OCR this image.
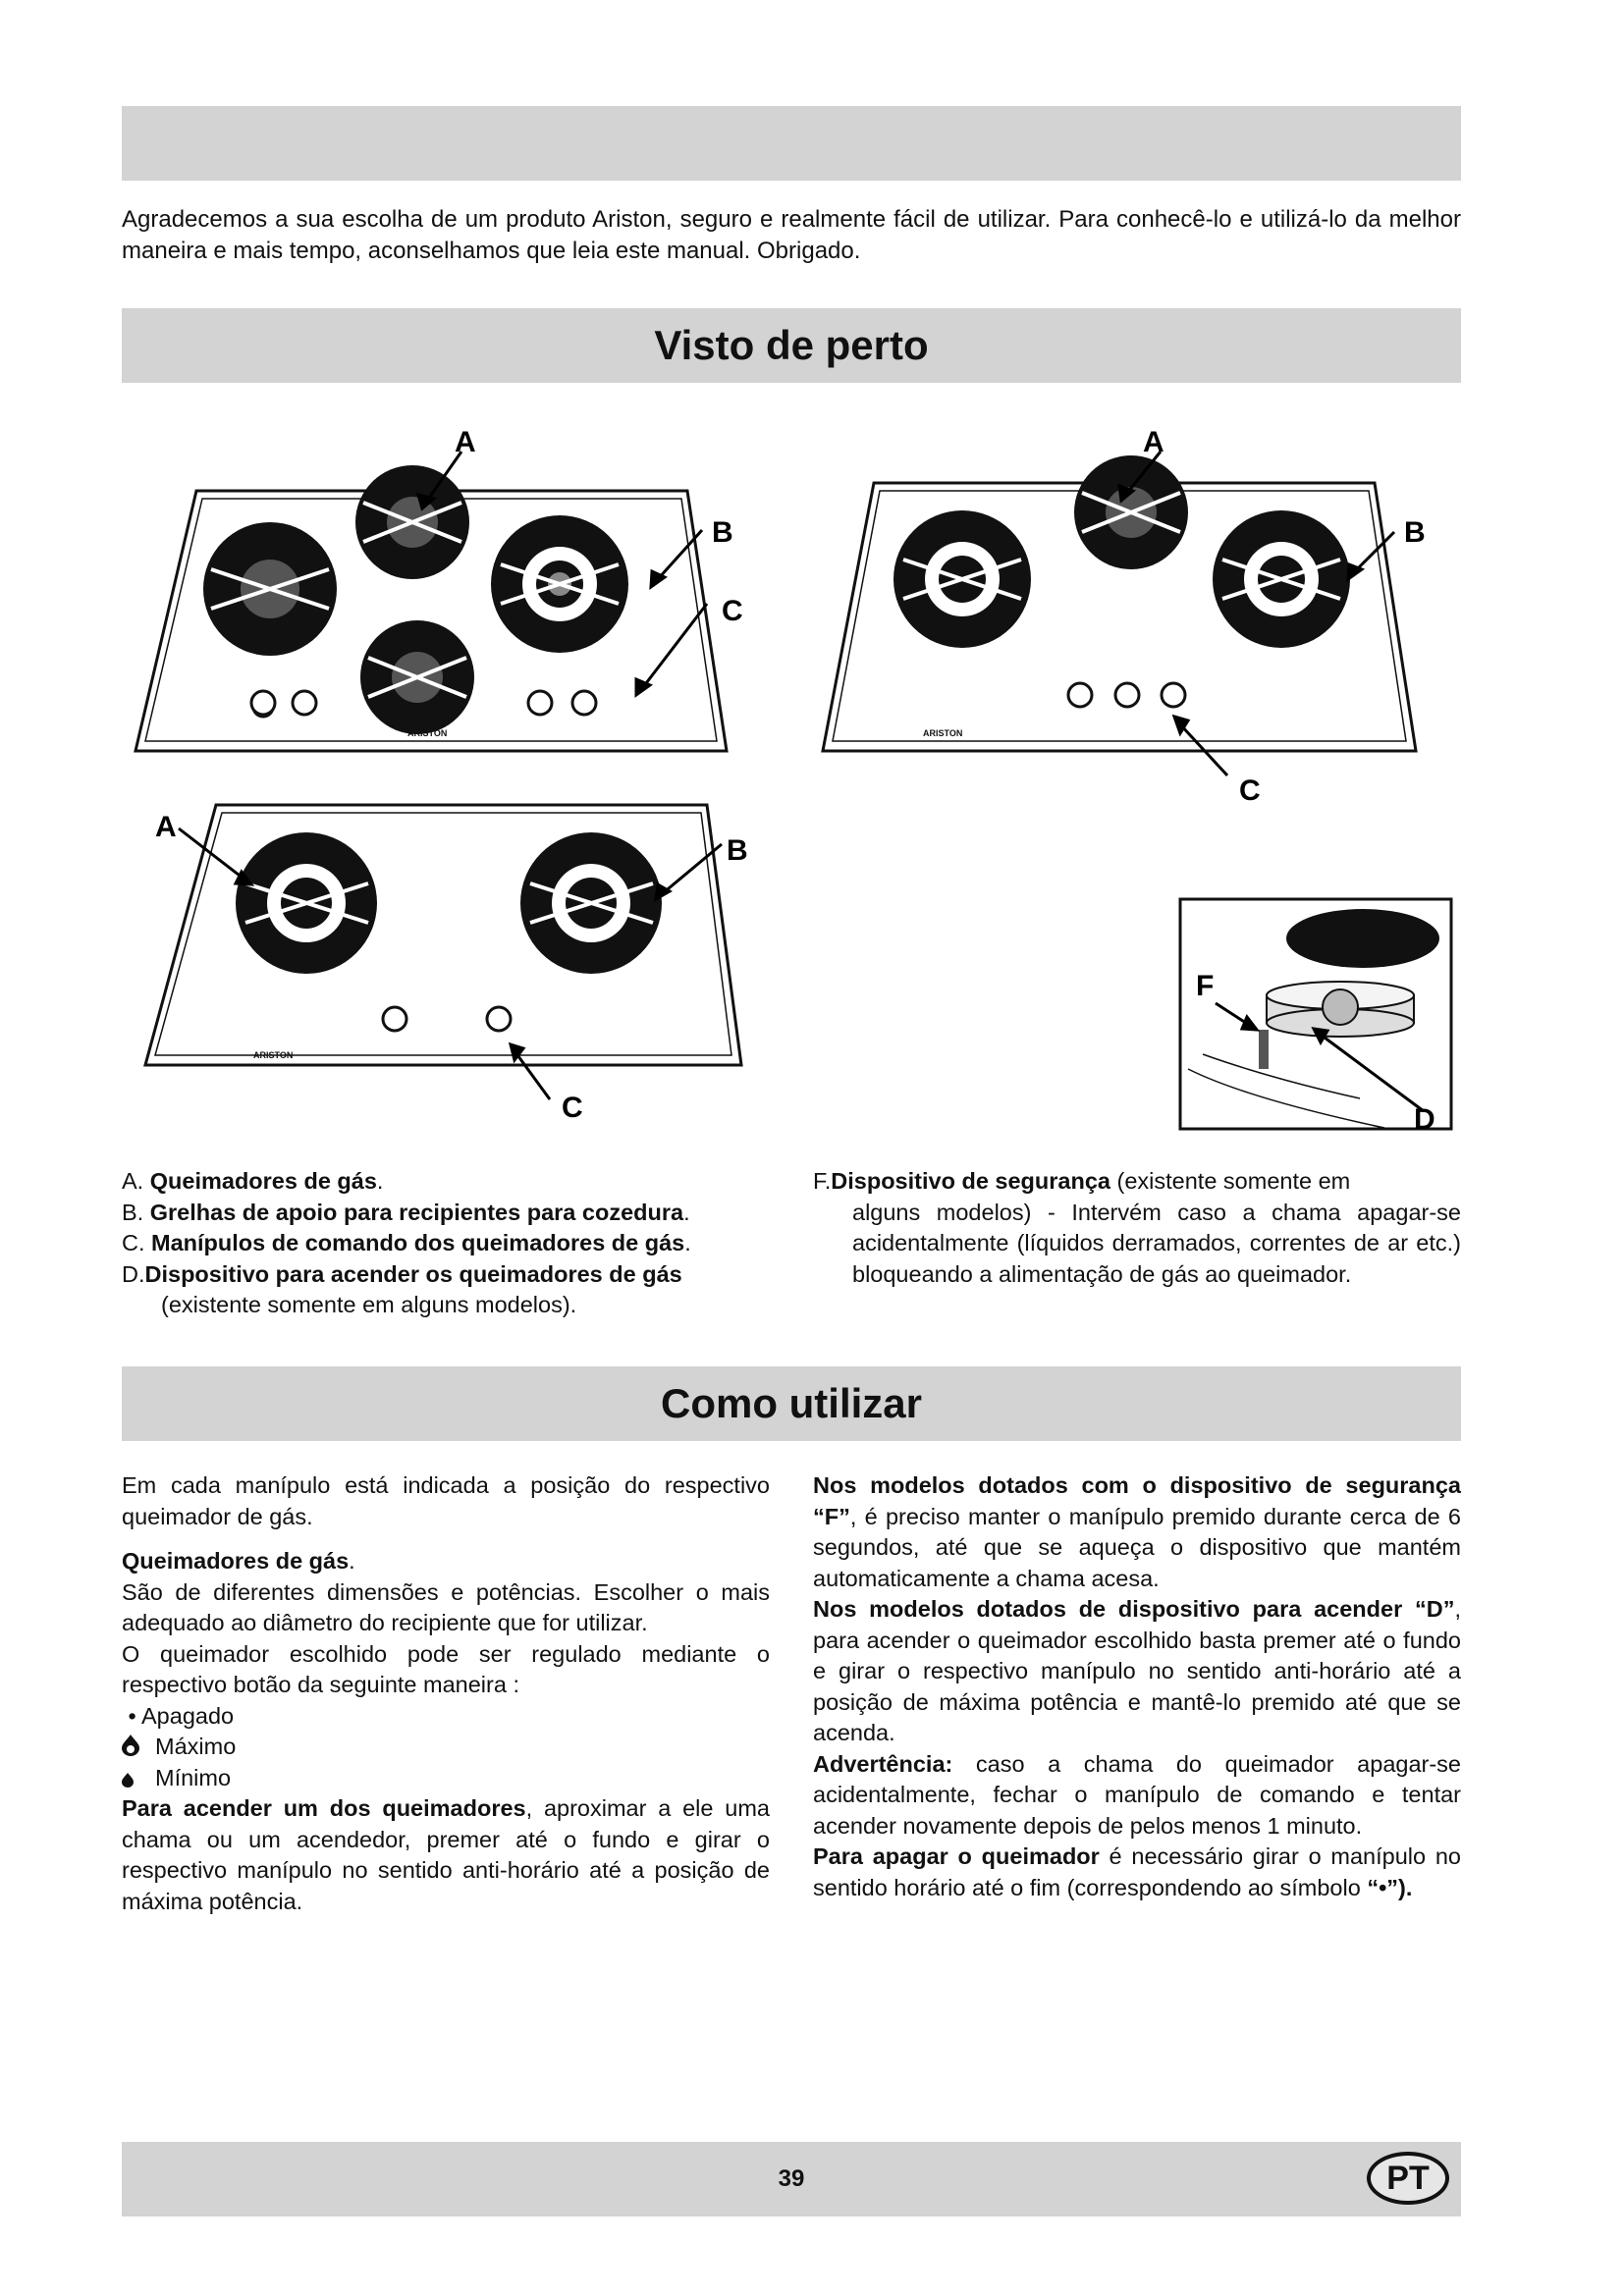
Agradecemos a sua escolha de um produto Ariston, seguro e realmente fácil de utilizar. Para conhecê-lo e utilizá-lo da melhor maneira e mais tempo, aconselhamos que leia este manual. Obrigado.
Visto de perto
ARISTON
A
B
C
ARISTON
A
B
C
ARISTON
A
B
C
F
D
A.
Queimadores de gás .
B.
Grelhas de apoio para recipientes para cozedura .
C.
Manípulos de comando dos queimadores de gás .
D. Dispositivo para acender os queimadores de gás
(existente somente em alguns modelos).
F.Dispositivo de segurança (existente somente em
alguns modelos) - Intervém caso a chama apagar-se acidentalmente (líquidos derramados, correntes de ar etc.) bloqueando a alimentação de gás ao queimador.
Como utilizar

Em cada manípulo está indicada a posição do respectivo queimador de gás.

Queimadores de gás.

São de diferentes dimensões e potências. Escolher o mais adequado ao diâmetro do recipiente que for utilizar.

O queimador escolhido pode ser regulado mediante o respectivo botão da seguinte maneira :

• Apagado

Máximo

Mínimo

Para acender um dos queimadores, aproximar a ele uma chama ou um acendedor, premer até o fundo e girar o respectivo manípulo no sentido anti-horário até a posição de máxima potência.

Nos modelos dotados com o dispositivo de segurança “F”, é preciso manter o manípulo premido durante cerca de 6 segundos, até que se aqueça o dispositivo que mantém automaticamente a chama acesa.

Nos modelos dotados de dispositivo para acender “D”, para acender o queimador escolhido basta premer até o fundo e girar o respectivo manípulo no sentido anti-horário até a posição de máxima potência e mantê-lo premido até que se acenda.

Advertência: caso a chama do queimador apagar-se acidentalmente, fechar o manípulo de comando e tentar acender novamente depois de pelos menos 1 minuto.

Para apagar o queimador é necessário girar o manípulo no sentido horário até o fim (correspondendo ao símbolo “•”).

39	PT
